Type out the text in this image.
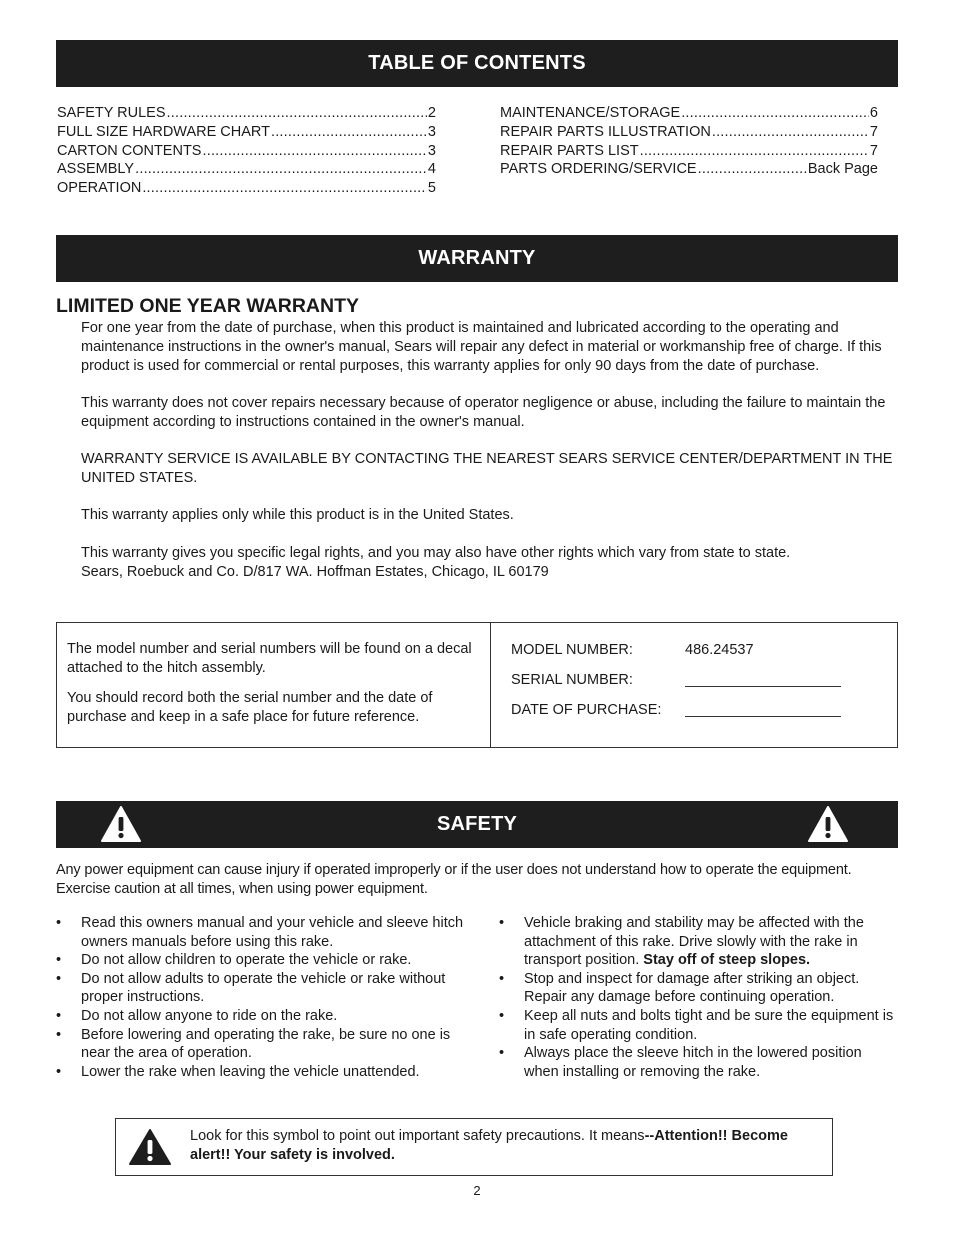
TABLE OF CONTENTS
SAFETY RULES .....	2
FULL SIZE HARDWARE CHART .....	3
CARTON CONTENTS .....	3
ASSEMBLY .....	4
OPERATION .....	5
MAINTENANCE/STORAGE .....	6
REPAIR PARTS ILLUSTRATION .....	7
REPAIR PARTS LIST .....	7
PARTS ORDERING/SERVICE .....	Back Page
WARRANTY
LIMITED ONE YEAR WARRANTY

For one year from the date of purchase, when this product is maintained and lubricated according to the operating and maintenance instructions in the owner's manual, Sears will repair any defect in material or workmanship free of charge. If this product is used for commercial or rental purposes, this warranty applies for only 90 days from the date of purchase.

This warranty does not cover repairs necessary because of operator negligence or abuse, including the failure to maintain the equipment according to instructions contained in the owner's manual.

WARRANTY SERVICE IS AVAILABLE BY CONTACTING THE NEAREST SEARS SERVICE CENTER/DEPARTMENT IN THE UNITED STATES.

This warranty applies only while this product is in the United States.

This warranty gives you specific legal rights, and you may also have other rights which vary from state to state.
Sears, Roebuck and Co. D/817 WA. Hoffman Estates, Chicago, IL 60179

The model number and serial numbers will be found on a decal attached to the hitch assembly.

You should record both the serial number and the date of purchase and keep in a safe place for future reference.

MODEL NUMBER:	486.24537
SERIAL NUMBER:
DATE OF PURCHASE:
SAFETY
Any power equipment can cause injury if operated improperly or if the user does not understand how to operate the equipment. Exercise caution at all times, when using power equipment.
• Read this owners manual and your vehicle and sleeve hitch owners manuals before using this rake.
• Do not allow children to operate the vehicle or rake.
• Do not allow adults to operate the vehicle or rake without proper instructions.
• Do not allow anyone to ride on the rake.
• Before lowering and operating the rake, be sure no one is near the area of operation.
• Lower the rake when leaving the vehicle unattended.
• Vehicle braking and stability may be affected with the attachment of this rake. Drive slowly with the rake in transport position. Stay off of steep slopes.
• Stop and inspect for damage after striking an object. Repair any damage before continuing operation.
• Keep all nuts and bolts tight and be sure the equipment is in safe operating condition.
• Always place the sleeve hitch in the lowered position when installing or removing the rake.
Look for this symbol to point out important safety precautions. It means--Attention!! Become alert!! Your safety is involved.
2
